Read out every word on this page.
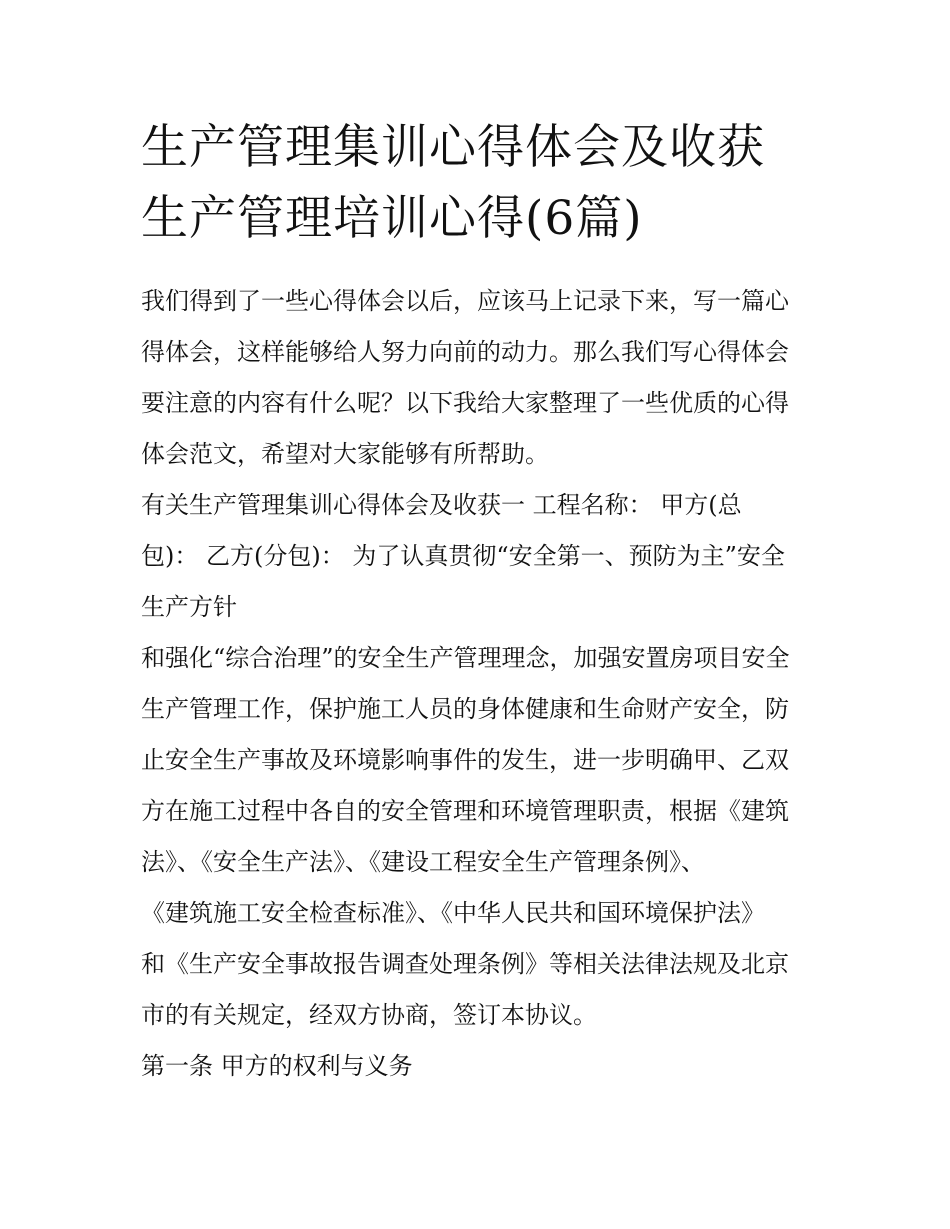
生产管理集训心得体会及收获
生产管理培训心得(6篇)

我们得到了一些心得体会以后，应该马上记录下来，写一篇心
得体会，这样能够给人努力向前的动力。那么我们写心得体会
要注意的内容有什么呢？以下我给大家整理了一些优质的心得
体会范文，希望对大家能够有所帮助。

有关生产管理集训心得体会及收获一 工程名称： 甲方(总
包)： 乙方(分包)： 为了认真贯彻“安全第一、预防为主”安全
生产方针

和强化“综合治理”的安全生产管理理念，加强安置房项目安全
生产管理工作，保护施工人员的身体健康和生命财产安全，防
止安全生产事故及环境影响事件的发生，进一步明确甲、乙双
方在施工过程中各自的安全管理和环境管理职责，根据《建筑
法》、《安全生产法》、《建设工程安全生产管理条例》、
《建筑施工安全检查标准》、《中华人民共和国环境保护法》
和《生产安全事故报告调查处理条例》等相关法律法规及北京
市的有关规定，经双方协商，签订本协议。

第一条 甲方的权利与义务
